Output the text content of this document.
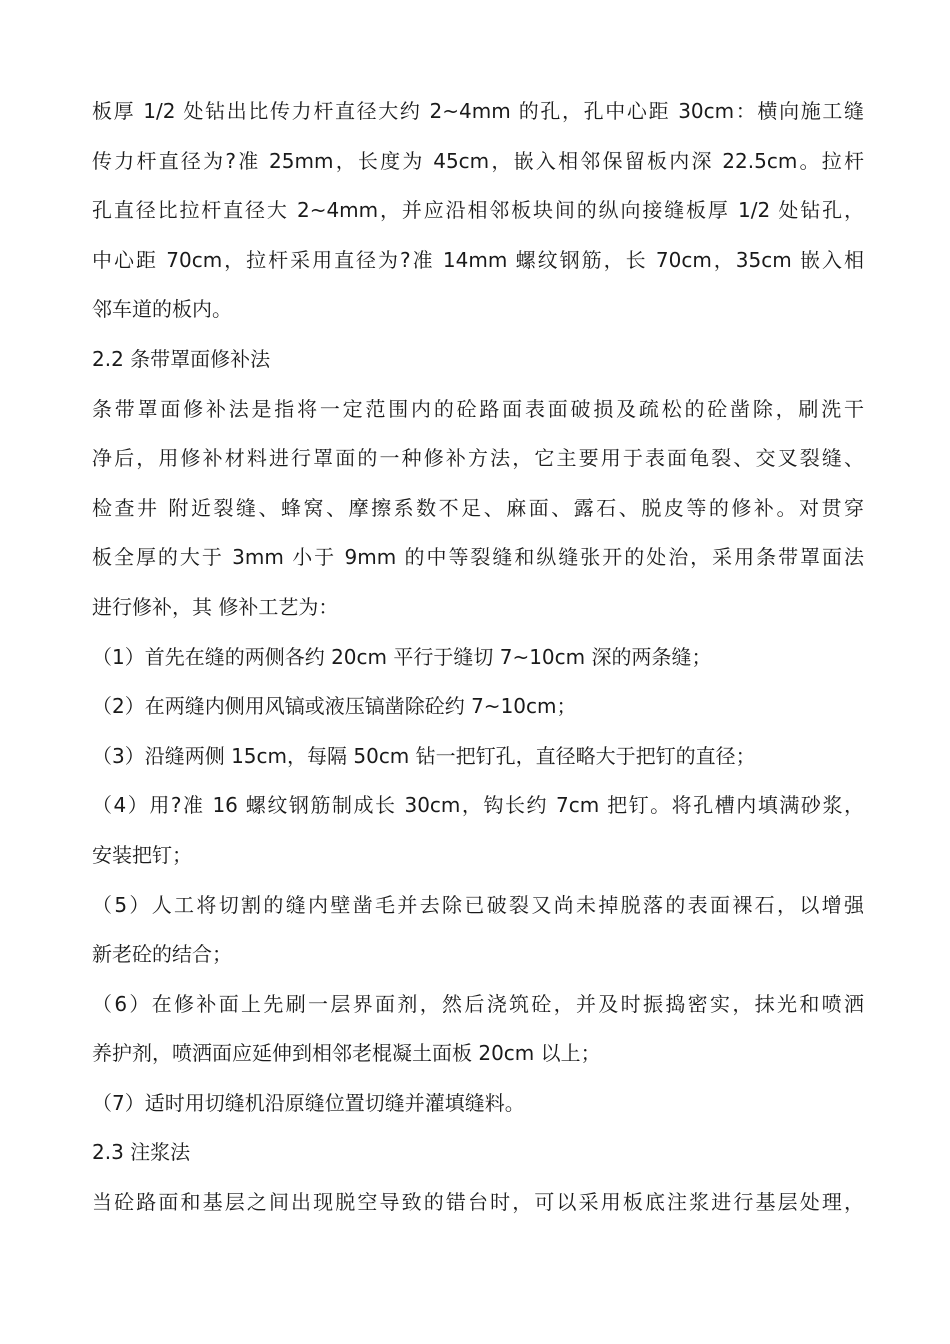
板厚 1/2 处钻出比传力杆直径大约 2~4mm 的孔，孔中心距 30cm：横向施工缝
传力杆直径为?准 25mm，长度为 45cm，嵌入相邻保留板内深 22.5cm。拉杆
孔直径比拉杆直径大 2~4mm，并应沿相邻板块间的纵向接缝板厚 1/2 处钻孔，
中心距 70cm，拉杆采用直径为?准 14mm 螺纹钢筋，长 70cm，35cm 嵌入相
邻车道的板内。
2.2 条带罩面修补法
条带罩面修补法是指将一定范围内的砼路面表面破损及疏松的砼凿除，刷洗干
净后，用修补材料进行罩面的一种修补方法，它主要用于表面龟裂、交叉裂缝、
检查井 附近裂缝、蜂窝、摩擦系数不足、麻面、露石、脱皮等的修补。对贯穿
板全厚的大于 3mm 小于 9mm 的中等裂缝和纵缝张开的处治，采用条带罩面法
进行修补，其 修补工艺为：
（1）首先在缝的两侧各约 20cm 平行于缝切 7~10cm 深的两条缝；
（2）在两缝内侧用风镐或液压镐凿除砼约 7~10cm；
（3）沿缝两侧 15cm，每隔 50cm 钻一把钉孔，直径略大于把钉的直径；
（4）用?准 16 螺纹钢筋制成长 30cm，钩长约 7cm 把钉。将孔槽内填满砂浆，
安装把钉；
（5）人工将切割的缝内壁凿毛并去除已破裂又尚未掉脱落的表面裸石，以增强
新老砼的结合；
（6）在修补面上先刷一层界面剂，然后浇筑砼，并及时振捣密实，抹光和喷洒
养护剂，喷洒面应延伸到相邻老棍凝土面板 20cm 以上；
（7）适时用切缝机沿原缝位置切缝并灌填缝料。
2.3 注浆法
当砼路面和基层之间出现脱空导致的错台时，可以采用板底注浆进行基层处理，
